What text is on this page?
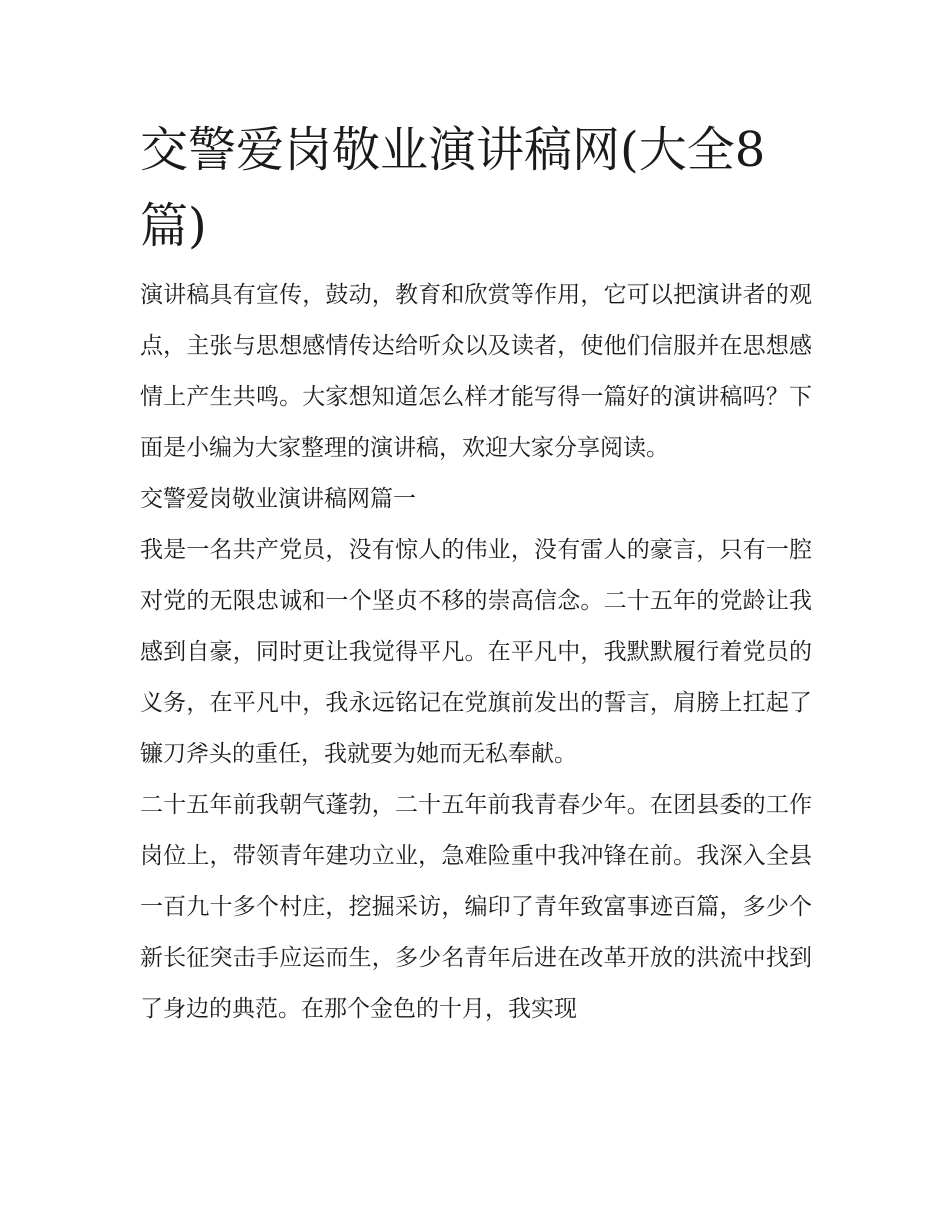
交警爱岗敬业演讲稿网(大全8篇)

演讲稿具有宣传，鼓动，教育和欣赏等作用，它可以把演讲者的观点，主张与思想感情传达给听众以及读者，使他们信服并在思想感情上产生共鸣。大家想知道怎么样才能写得一篇好的演讲稿吗？下面是小编为大家整理的演讲稿，欢迎大家分享阅读。

交警爱岗敬业演讲稿网篇一

我是一名共产党员，没有惊人的伟业，没有雷人的豪言，只有一腔对党的无限忠诚和一个坚贞不移的崇高信念。二十五年的党龄让我感到自豪，同时更让我觉得平凡。在平凡中，我默默履行着党员的义务，在平凡中，我永远铭记在党旗前发出的誓言，肩膀上扛起了镰刀斧头的重任，我就要为她而无私奉献。

二十五年前我朝气蓬勃，二十五年前我青春少年。在团县委的工作岗位上，带领青年建功立业，急难险重中我冲锋在前。我深入全县一百九十多个村庄，挖掘采访，编印了青年致富事迹百篇，多少个新长征突击手应运而生，多少名青年后进在改革开放的洪流中找到了身边的典范。在那个金色的十月，我实现
